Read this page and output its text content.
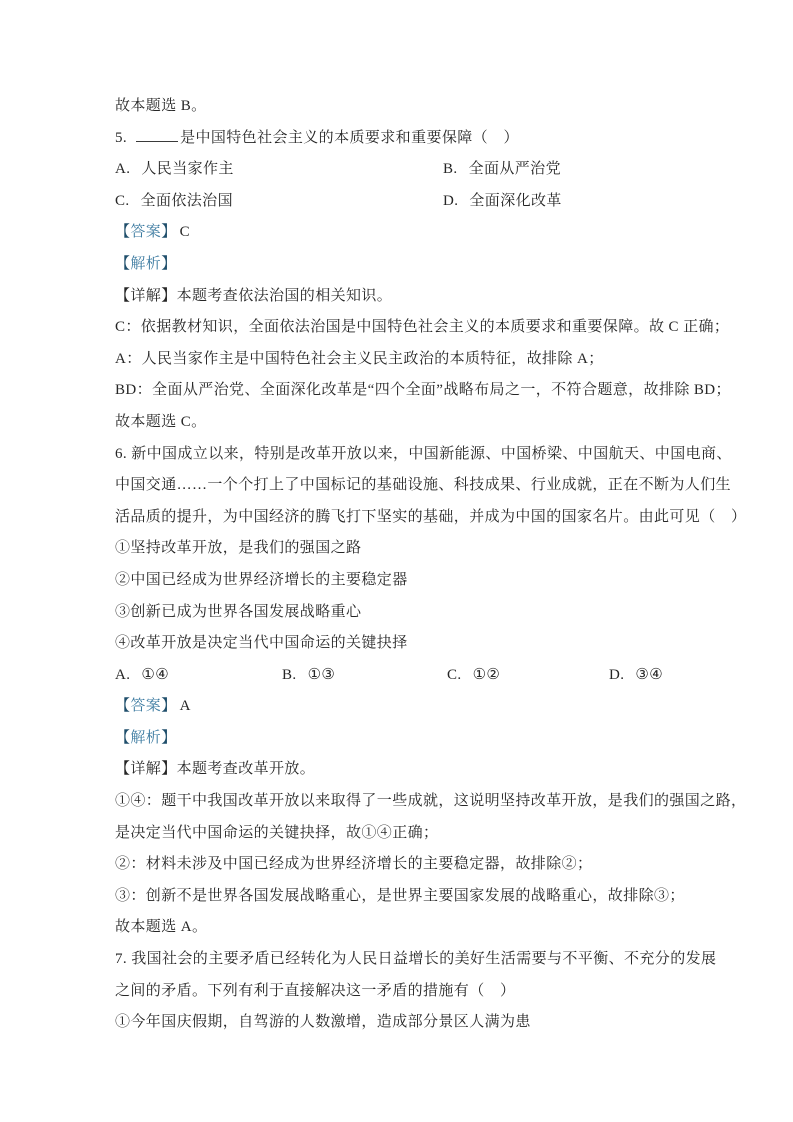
故本题选 B。

5.	是中国特色社会主义的本质要求和重要保障（　）

A. 人民当家作主	B. 全面从严治党
C. 全面依法治国	D. 全面深化改革

【答案】 C

【解析】

【详解】本题考查依法治国的相关知识。

C：依据教材知识，全面依法治国是中国特色社会主义的本质要求和重要保障。故 C 正确；

A：人民当家作主是中国特色社会主义民主政治的本质特征，故排除 A；

BD：全面从严治党、全面深化改革是“四个全面”战略布局之一，不符合题意，故排除 BD；

故本题选 C。

6. 新中国成立以来，特别是改革开放以来，中国新能源、中国桥梁、中国航天、中国电商、

中国交通……一个个打上了中国标记的基础设施、科技成果、行业成就，正在不断为人们生

活品质的提升，为中国经济的腾飞打下坚实的基础，并成为中国的国家名片。由此可见（　）

①坚持改革开放，是我们的强国之路

②中国已经成为世界经济增长的主要稳定器

③创新已成为世界各国发展战略重心

④改革开放是决定当代中国命运的关键抉择

A. ①④	B. ①③	C. ①②	D. ③④

【答案】 A

【解析】

【详解】本题考查改革开放。

①④：题干中我国改革开放以来取得了一些成就，这说明坚持改革开放，是我们的强国之路，

是决定当代中国命运的关键抉择，故①④正确；

②：材料未涉及中国已经成为世界经济增长的主要稳定器，故排除②；

③：创新不是世界各国发展战略重心，是世界主要国家发展的战略重心，故排除③；

故本题选 A。

7. 我国社会的主要矛盾已经转化为人民日益增长的美好生活需要与不平衡、不充分的发展

之间的矛盾。下列有利于直接解决这一矛盾的措施有（　）

①今年国庆假期，自驾游的人数激增，造成部分景区人满为患
